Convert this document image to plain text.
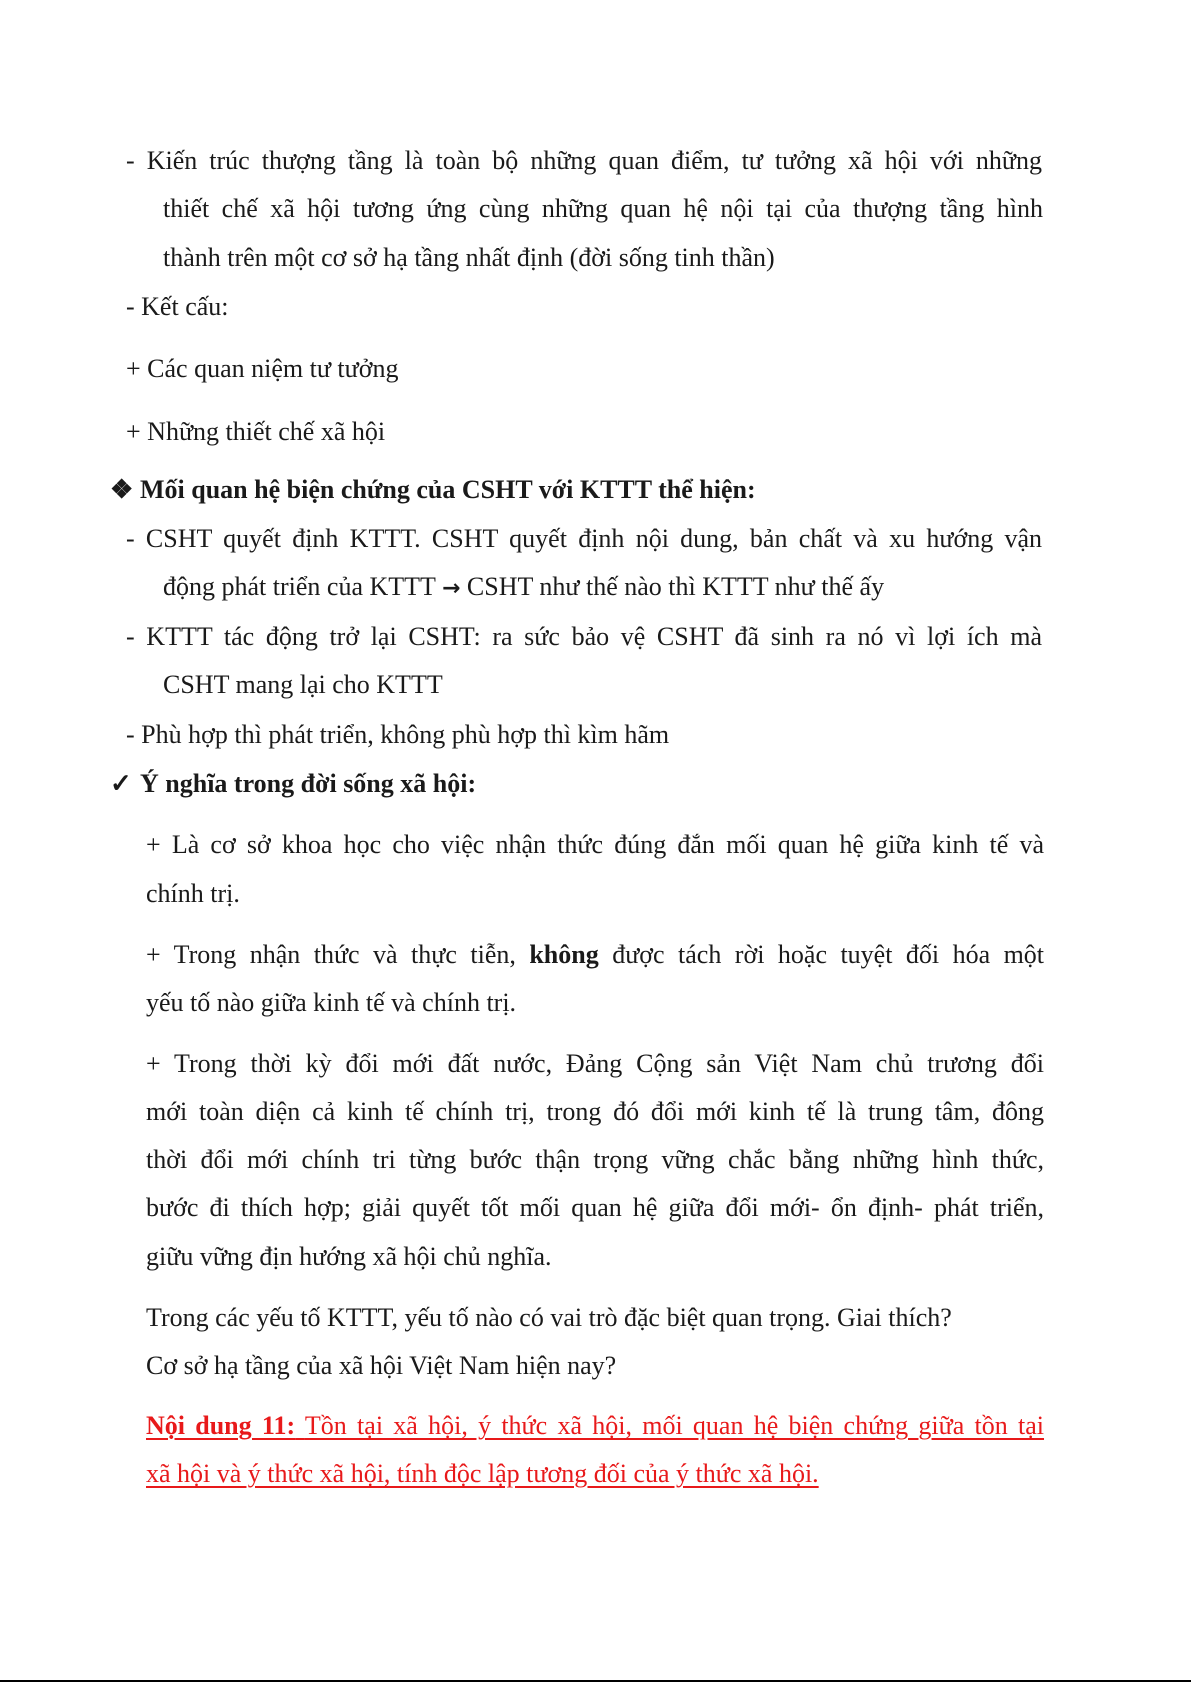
- Kiến trúc thượng tầng là toàn bộ những quan điểm, tư tưởng xã hội với những
thiết chế xã hội tương ứng cùng những quan hệ nội tại của thượng tầng hình
thành trên một cơ sở hạ tầng nhất định (đời sống tinh thần)
- Kết cấu:
+ Các quan niệm tư tưởng
+ Những thiết chế xã hội
❖ Mối quan hệ biện chứng của CSHT với KTTT thể hiện:
- CSHT quyết định KTTT. CSHT quyết định nội dung, bản chất và xu hướng vận
động phát triển của KTTT → CSHT như thế nào thì KTTT như thế ấy
- KTTT tác động trở lại CSHT: ra sức bảo vệ CSHT đã sinh ra nó vì lợi ích mà
CSHT mang lại cho KTTT
- Phù hợp thì phát triển, không phù hợp thì kìm hãm
✓ Ý nghĩa trong đời sống xã hội:
+ Là cơ sở khoa học cho việc nhận thức đúng đắn mối quan hệ giữa kinh tế và
chính trị.
+ Trong nhận thức và thực tiễn, không được tách rời hoặc tuyệt đối hóa một
yếu tố nào giữa kinh tế và chính trị.
+ Trong thời kỳ đổi mới đất nước, Đảng Cộng sản Việt Nam chủ trương đổi
mới toàn diện cả kinh tế chính trị, trong đó đổi mới kinh tế là trung tâm, đông
thời đổi mới chính tri từng bước thận trọng vững chắc bằng những hình thức,
bước đi thích hợp; giải quyết tốt mối quan hệ giữa đổi mới- ổn định- phát triển,
giữu vững địn hướng xã hội chủ nghĩa.
Trong các yếu tố KTTT, yếu tố nào có vai trò đặc biệt quan trọng. Giai thích?
Cơ sở hạ tầng của xã hội Việt Nam hiện nay?
Nội dung 11: Tồn tại xã hội, ý thức xã hội, mối quan hệ biện chứng giữa tồn tại
xã hội và ý thức xã hội, tính độc lập tương đối của ý thức xã hội.
